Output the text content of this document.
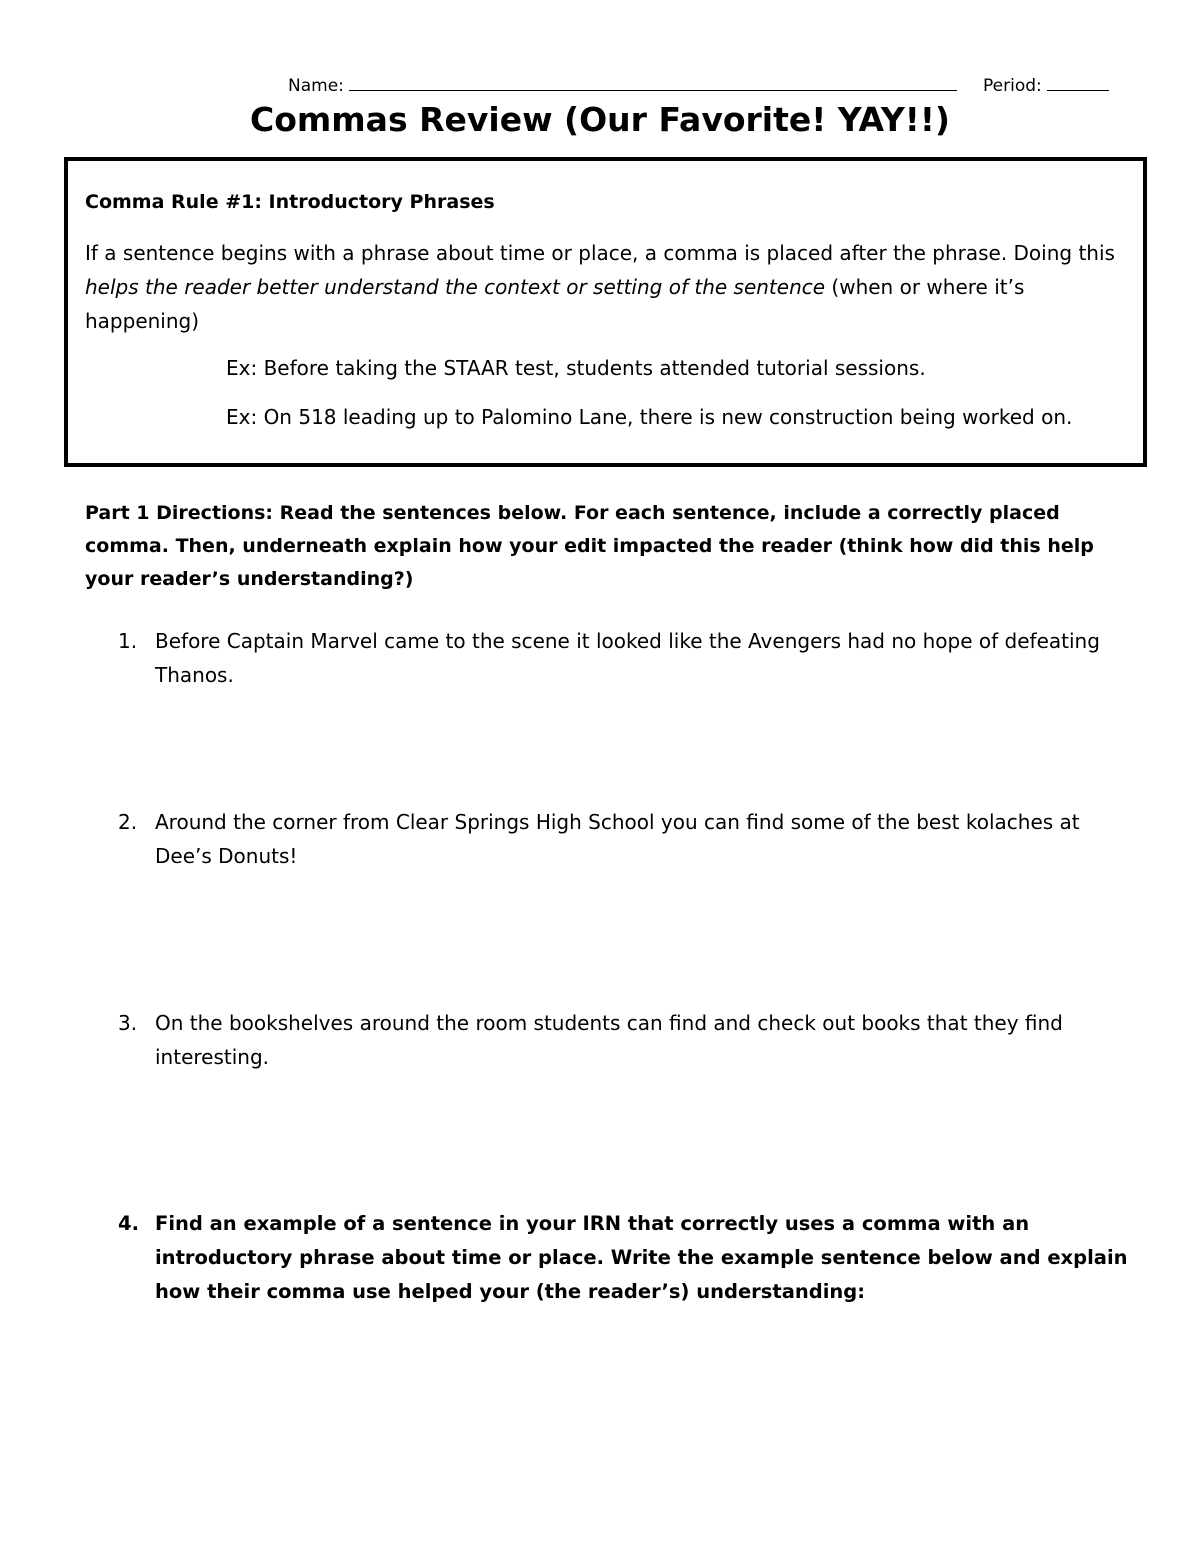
Name:	Period:
Commas Review (Our Favorite! YAY!!)
Comma Rule #1: Introductory Phrases
If a sentence begins with a phrase about time or place, a comma is placed after the phrase. Doing this helps the reader better understand the context or setting of the sentence (when or where it’s happening)
Ex: Before taking the STAAR test, students attended tutorial sessions.
Ex: On 518 leading up to Palomino Lane, there is new construction being worked on.
Part 1 Directions: Read the sentences below. For each sentence, include a correctly placed comma. Then, underneath explain how your edit impacted the reader (think how did this help your reader’s understanding?)
1. Before Captain Marvel came to the scene it looked like the Avengers had no hope of defeating Thanos.
2. Around the corner from Clear Springs High School you can find some of the best kolaches at Dee’s Donuts!
3. On the bookshelves around the room students can find and check out books that they find interesting.
4. Find an example of a sentence in your IRN that correctly uses a comma with an introductory phrase about time or place. Write the example sentence below and explain how their comma use helped your (the reader’s) understanding:
